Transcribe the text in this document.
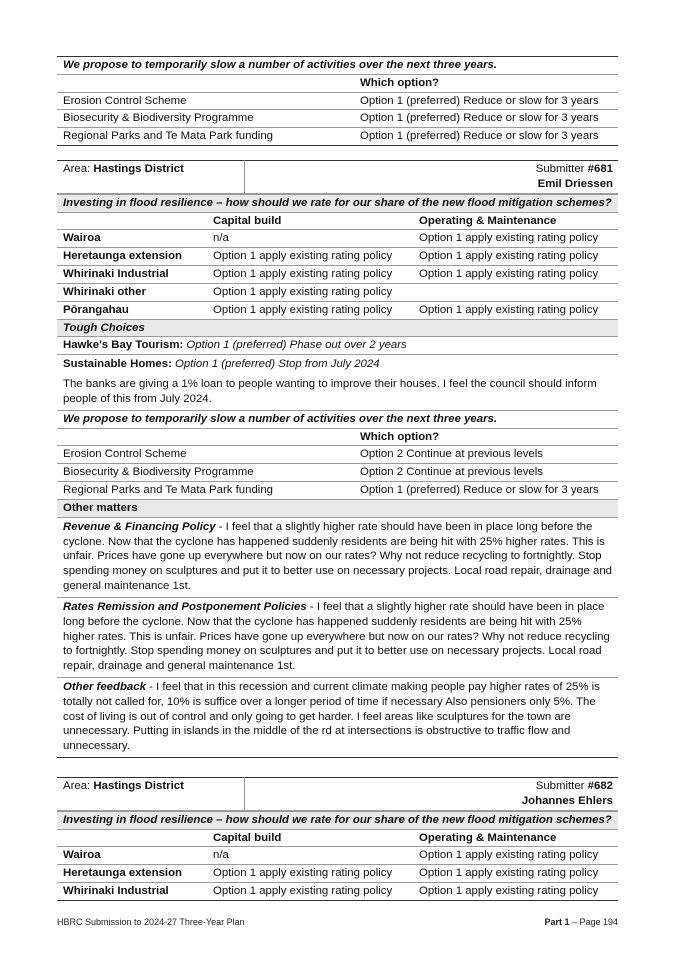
We propose to temporarily slow a number of activities over the next three years.	
	Which option?
Erosion Control Scheme	Option 1 (preferred) Reduce or slow for 3 years
Biosecurity & Biodiversity Programme	Option 1 (preferred) Reduce or slow for 3 years
Regional Parks and Te Mata Park funding	Option 1 (preferred) Reduce or slow for 3 years
Area: Hastings District	Submitter #681
Emil Driessen
Investing in flood resilience – how should we rate for our share of the new flood mitigation schemes?		
	Capital build	Operating & Maintenance
Wairoa	n/a	Option 1 apply existing rating policy
Heretaunga extension	Option 1 apply existing rating policy	Option 1 apply existing rating policy
Whirinaki Industrial	Option 1 apply existing rating policy	Option 1 apply existing rating policy
Whirinaki other	Option 1 apply existing rating policy	
Pōrangahau	Option 1 apply existing rating policy	Option 1 apply existing rating policy
Tough Choices		
Hawke's Bay Tourism: Option 1 (preferred) Phase out over 2 years		
Sustainable Homes: Option 1 (preferred) Stop from July 2024
The banks are giving a 1% loan to people wanting to improve their houses. I feel the council should inform people of this from July 2024.		
We propose to temporarily slow a number of activities over the next three years.	
	Which option?
Erosion Control Scheme	Option 2 Continue at previous levels
Biosecurity & Biodiversity Programme	Option 2 Continue at previous levels
Regional Parks and Te Mata Park funding	Option 1 (preferred) Reduce or slow for 3 years
Other matters
Revenue & Financing Policy - I feel that a slightly higher rate should have been in place long before the cyclone. Now that the cyclone has happened suddenly residents are being hit with 25% higher rates. This is unfair. Prices have gone up everywhere but now on our rates? Why not reduce recycling to fortnightly. Stop spending money on sculptures and put it to better use on necessary projects. Local road repair, drainage and general maintenance 1st.
Rates Remission and Postponement Policies - I feel that a slightly higher rate should have been in place long before the cyclone. Now that the cyclone has happened suddenly residents are being hit with 25% higher rates. This is unfair. Prices have gone up everywhere but now on our rates? Why not reduce recycling to fortnightly. Stop spending money on sculptures and put it to better use on necessary projects. Local road repair, drainage and general maintenance 1st.
Other feedback - I feel that in this recession and current climate making people pay higher rates of 25% is totally not called for, 10% is suffice over a longer period of time if necessary Also pensioners only 5%. The cost of living is out of control and only going to get harder. I feel areas like sculptures for the town are unnecessary. Putting in islands in the middle of the rd at intersections is obstructive to traffic flow and unnecessary.
Area: Hastings District	Submitter #682
Johannes Ehlers
Investing in flood resilience – how should we rate for our share of the new flood mitigation schemes?		
	Capital build	Operating & Maintenance
Wairoa	n/a	Option 1 apply existing rating policy
Heretaunga extension	Option 1 apply existing rating policy	Option 1 apply existing rating policy
Whirinaki Industrial	Option 1 apply existing rating policy	Option 1 apply existing rating policy
HBRC Submission to 2024-27 Three-Year Plan	Part 1 – Page 194
